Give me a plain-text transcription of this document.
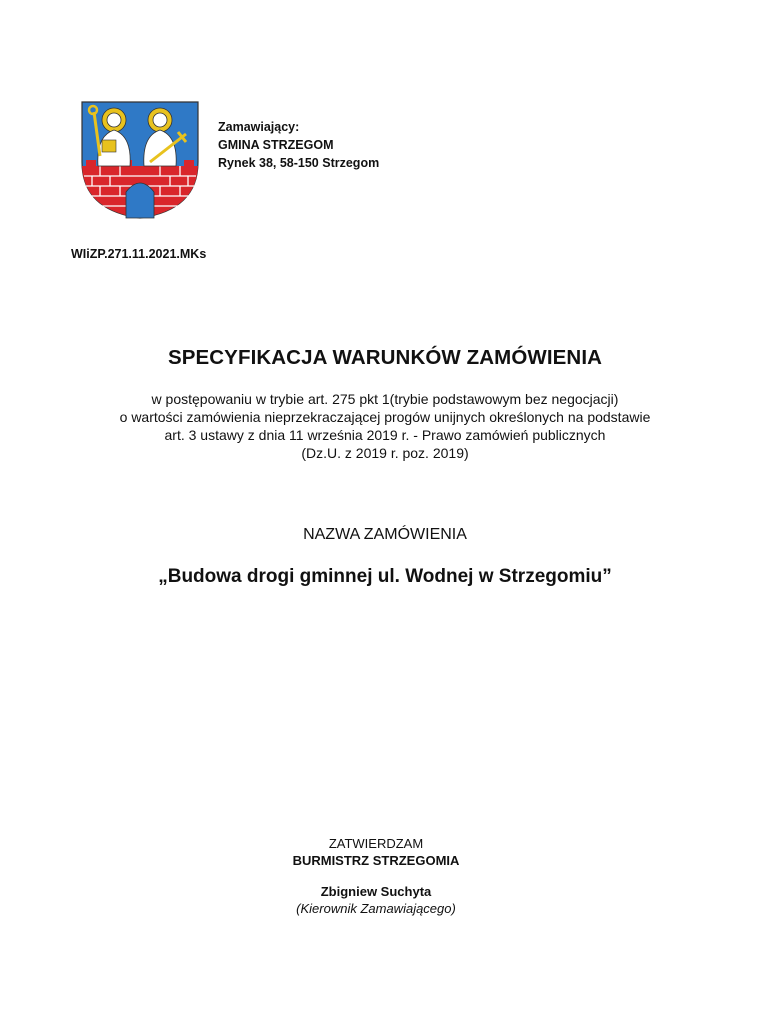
Zamawiający:
GMINA STRZEGOM
Rynek 38, 58-150 Strzegom
WIiZP.271.11.2021.MKs
SPECYFIKACJA WARUNKÓW ZAMÓWIENIA
w postępowaniu w trybie art. 275 pkt 1(trybie podstawowym bez negocjacji)
o wartości zamówienia nieprzekraczającej progów unijnych określonych na podstawie
art. 3 ustawy z dnia 11 września 2019 r. - Prawo zamówień publicznych
(Dz.U. z 2019 r. poz. 2019)
NAZWA ZAMÓWIENIA
„Budowa drogi gminnej ul. Wodnej w Strzegomiu”
ZATWIERDZAM
BURMISTRZ STRZEGOMIA
Zbigniew Suchyta
(Kierownik Zamawiającego)
